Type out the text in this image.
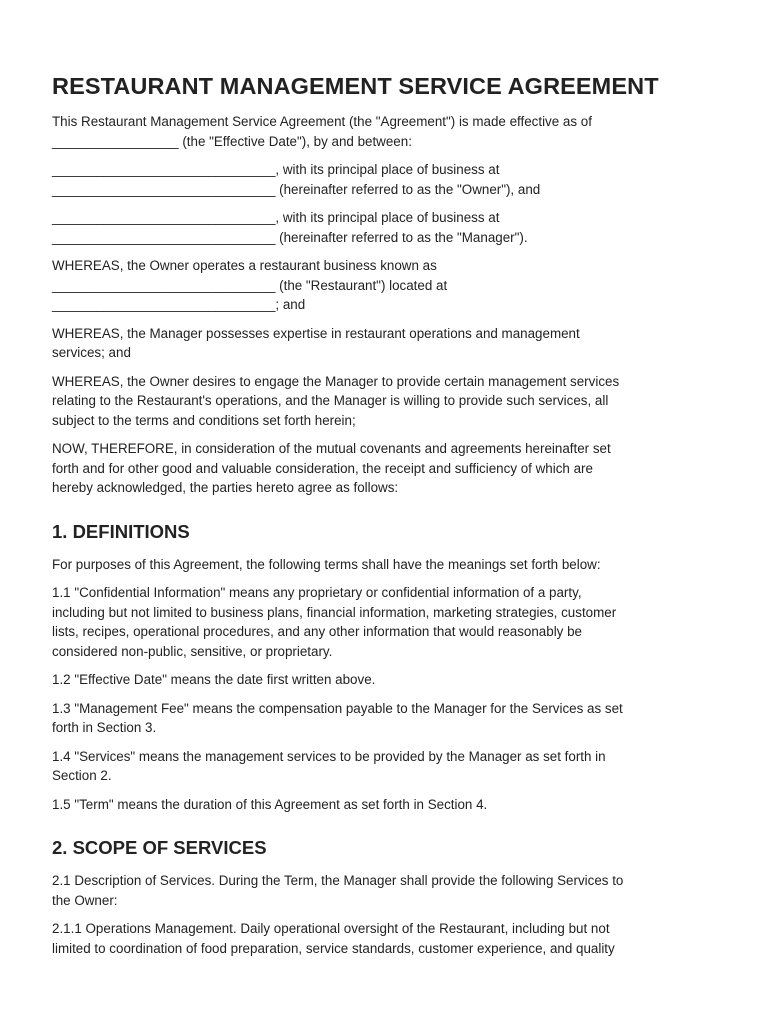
RESTAURANT MANAGEMENT SERVICE AGREEMENT

This Restaurant Management Service Agreement (the "Agreement") is made effective as of
_________________ (the "Effective Date"), by and between:

______________________________, with its principal place of business at
______________________________ (hereinafter referred to as the "Owner"), and

______________________________, with its principal place of business at
______________________________ (hereinafter referred to as the "Manager").

WHEREAS, the Owner operates a restaurant business known as
______________________________ (the "Restaurant") located at
______________________________; and

WHEREAS, the Manager possesses expertise in restaurant operations and management
services; and

WHEREAS, the Owner desires to engage the Manager to provide certain management services
relating to the Restaurant's operations, and the Manager is willing to provide such services, all
subject to the terms and conditions set forth herein;

NOW, THEREFORE, in consideration of the mutual covenants and agreements hereinafter set
forth and for other good and valuable consideration, the receipt and sufficiency of which are
hereby acknowledged, the parties hereto agree as follows:

1. DEFINITIONS

For purposes of this Agreement, the following terms shall have the meanings set forth below:

1.1 "Confidential Information" means any proprietary or confidential information of a party,
including but not limited to business plans, financial information, marketing strategies, customer
lists, recipes, operational procedures, and any other information that would reasonably be
considered non-public, sensitive, or proprietary.

1.2 "Effective Date" means the date first written above.

1.3 "Management Fee" means the compensation payable to the Manager for the Services as set
forth in Section 3.

1.4 "Services" means the management services to be provided by the Manager as set forth in
Section 2.

1.5 "Term" means the duration of this Agreement as set forth in Section 4.

2. SCOPE OF SERVICES

2.1 Description of Services. During the Term, the Manager shall provide the following Services to
the Owner:

2.1.1 Operations Management. Daily operational oversight of the Restaurant, including but not
limited to coordination of food preparation, service standards, customer experience, and quality
